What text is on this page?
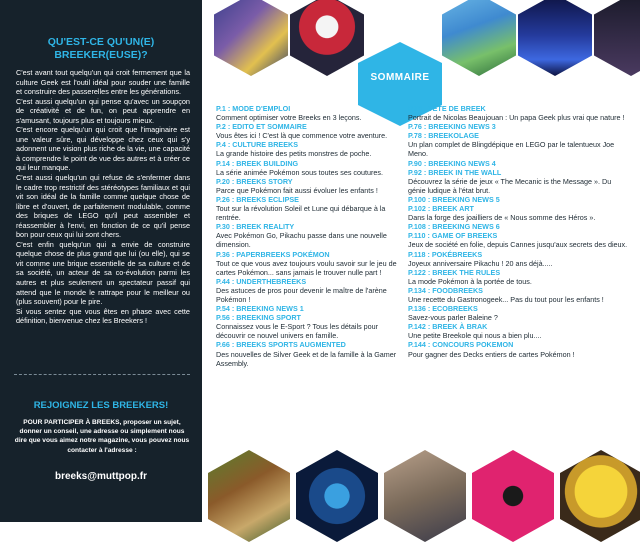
QU'EST-CE QU'UN(E) BREEKER(EUSE)?

C'est avant tout quelqu'un qui croit fermement que la culture Geek est l'outil idéal pour souder une famille et construire des passerelles entre les générations.

C'est aussi quelqu'un qui pense qu'avec un soupçon de créativité et de fun, on peut apprendre en s'amusant, toujours plus et toujours mieux.

C'est encore quelqu'un qui croit que l'imaginaire est une valeur sûre, qui développe chez ceux qui s'y adonnent une vision plus riche de la vie, une capacité à comprendre le point de vue des autres et à créer ce qui leur manque.

C'est aussi quelqu'un qui refuse de s'enfermer dans le cadre trop restrictif des stéréotypes familiaux et qui vit son idéal de la famille comme quelque chose de libre et d'ouvert, de parfaitement modulable, comme des briques de LEGO qu'il peut assembler et réassembler à l'envi, en fonction de ce qu'il pense bon pour ceux qui lui sont chers.

C'est enfin quelqu'un qui a envie de construire quelque chose de plus grand que lui (ou elle), qui se vit comme une brique essentielle de sa culture et de sa société, un acteur de sa co-évolution parmi les autres et plus seulement un spectateur passif qui attend que le monde le rattrape pour le meilleur ou (plus souvent) pour le pire.

Si vous sentez que vous êtes en phase avec cette définition, bienvenue chez les Breekers !

REJOIGNEZ LES BREEKERS!
POUR PARTICIPER À BREEKS, proposer un sujet, donner un conseil, une adresse ou simplement nous dire que vous aimez notre magazine, vous pouvez nous contacter à l'adresse :
breeks@muttpop.fr
SOMMAIRE
P.1 : MODE D'EMPLOI
Comment optimiser votre Breeks en 3 leçons.
P.2 : EDITO ET SOMMAIRE
Vous êtes ici ! C'est là que commence votre aventure.
P.4 : CULTURE BREEKS
La grande histoire des petits monstres de poche.
P.14 : BREEK BUILDING
La série animée Pokémon sous toutes ses coutures.
P.20 : BREEKS STORY
Parce que Pokémon fait aussi évoluer les enfants !
P.26 : BREEKS ECLIPSE
Tout sur la révolution Soleil et Lune qui débarque à la rentrée.
P.30 : BREEK REALITY
Avec Pokémon Go, Pikachu passe dans une nouvelle dimension.
P.36 : PAPERBREEKS POKÉMON
Tout ce que vous avez toujours voulu savoir sur le jeu de cartes Pokémon... sans jamais le trouver nulle part !
P.44 : UNDERTHEBREEKS
Des astuces de pros pour devenir le maître de l'arène Pokémon !
P.54 : BREEKING NEWS 1
P.56 : BREEKING SPORT
Connaissez vous le E-Sport ? Tous les détails pour découvrir ce nouvel univers en famille.
P.66 : BREEKS SPORTS AUGMENTED
Des nouvelles de Silver Geek et de la famille à la Gamer Assembly.
P.68 : TÊTE DE BREEK
Portrait de Nicolas Beaujouan : Un papa Geek plus vrai que nature !
P.76 : BREEKING NEWS 3
P.78 : BREEKOLAGE
Un plan complet de Blingdépique en LEGO par le talentueux Joe Meno.
P.90 : BREEKING NEWS 4
P.92 : BREEK IN THE WALL
Découvrez la série de jeux « The Mecanic is the Message ». Du génie ludique à l'état brut.
P.100 : BREEKING NEWS 5
P.102 : BREEK ART
Dans la forge des joailliers de « Nous somme des Héros ».
P.108 : BREEKING NEWS 6
P.110 : GAME OF BREEKS
Jeux de société en folie, depuis Cannes jusqu'aux secrets des dieux.
P.118 : POKÉBREEKS
Joyeux anniversaire Pikachu ! 20 ans déjà.....
P.122 : BREEK THE RULES
La mode Pokémon à la portée de tous.
P.134 : FOODBREEKS
Une recette du Gastronogeek... Pas du tout pour les enfants !
P.136 : ECOBREEKS
Savez-vous parler Baleine ?
P.142 : BREEK À BRAK
Une petite Breekole qui nous a bien plu....
P.144 : CONCOURS POKEMON
Pour gagner des Decks entiers de cartes Pokémon !
